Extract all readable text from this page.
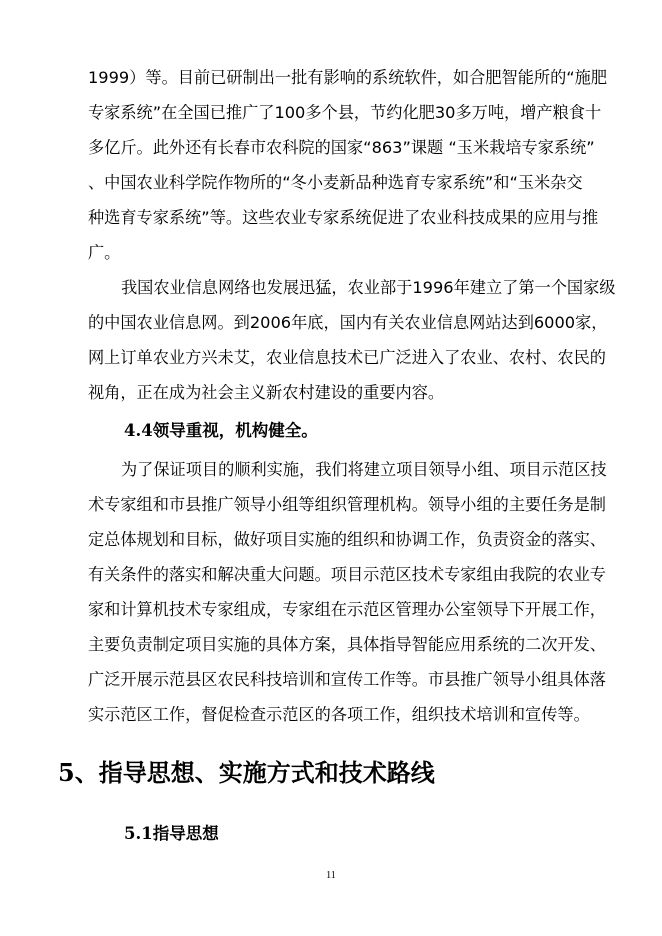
1999）等。目前已研制出一批有影响的系统软件，如合肥智能所的“施肥
专家系统”在全国已推广了100多个县，节约化肥30多万吨，增产粮食十
多亿斤。此外还有长春市农科院的国家“863”课题 “玉米栽培专家系统”
、中国农业科学院作物所的“冬小麦新品种选育专家系统”和“玉米杂交
种选育专家系统”等。这些农业专家系统促进了农业科技成果的应用与推
广。
我国农业信息网络也发展迅猛，农业部于1996年建立了第一个国家级
的中国农业信息网。到2006年底，国内有关农业信息网站达到6000家，
网上订单农业方兴未艾，农业信息技术已广泛进入了农业、农村、农民的
视角，正在成为社会主义新农村建设的重要内容。
4.4领导重视，机构健全。
为了保证项目的顺利实施，我们将建立项目领导小组、项目示范区技
术专家组和市县推广领导小组等组织管理机构。领导小组的主要任务是制
定总体规划和目标，做好项目实施的组织和协调工作，负责资金的落实、
有关条件的落实和解决重大问题。项目示范区技术专家组由我院的农业专
家和计算机技术专家组成，专家组在示范区管理办公室领导下开展工作，
主要负责制定项目实施的具体方案，具体指导智能应用系统的二次开发、
广泛开展示范县区农民科技培训和宣传工作等。市县推广领导小组具体落
实示范区工作，督促检查示范区的各项工作，组织技术培训和宣传等。
5、指导思想、实施方式和技术路线
5.1指导思想
11
